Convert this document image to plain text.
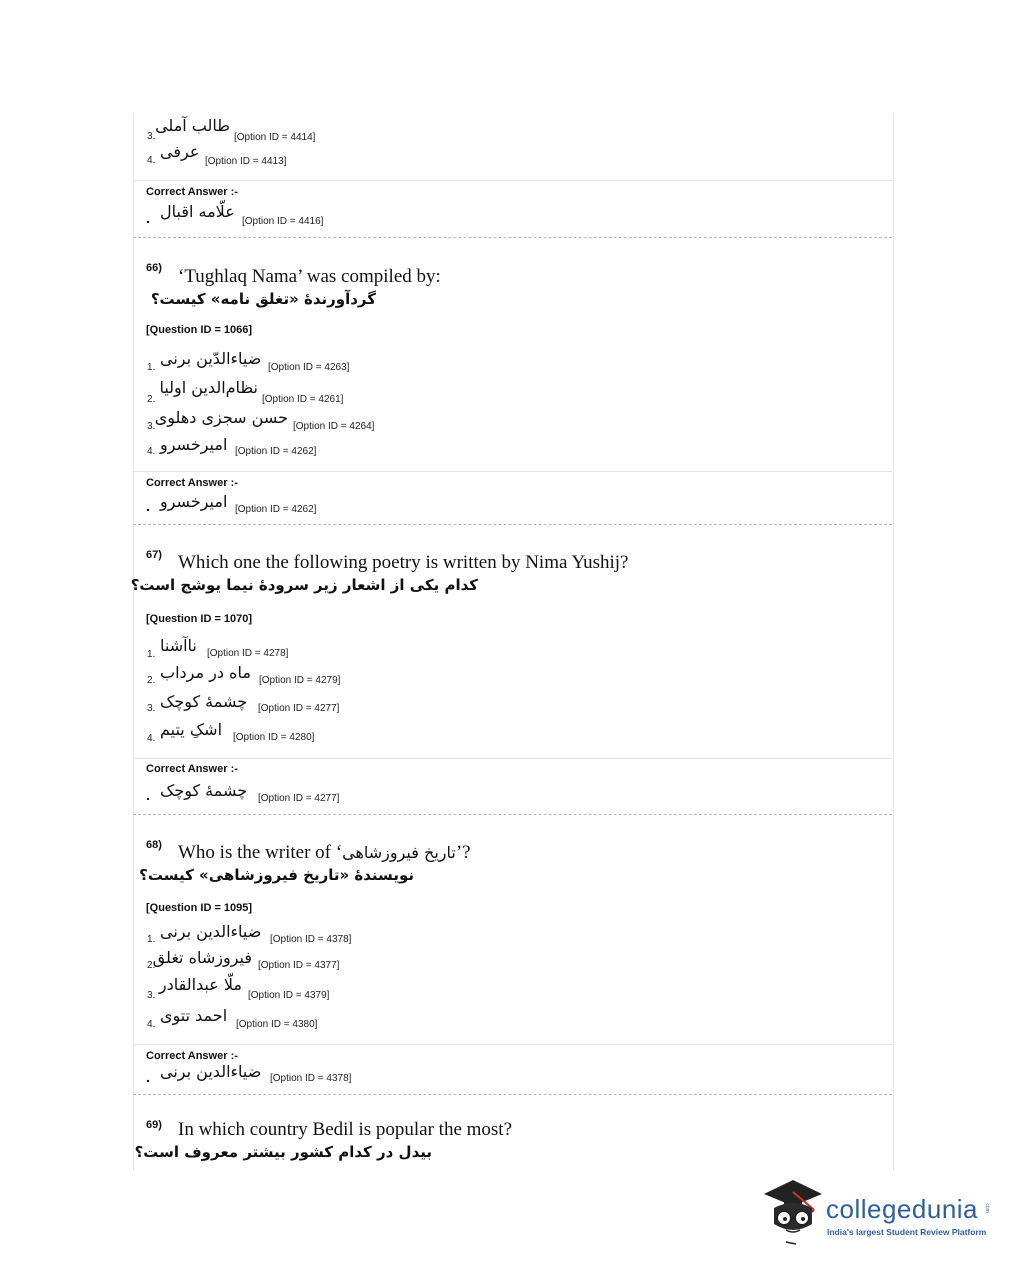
3.
طالب آملی
[Option ID = 4414]
4. عرفی
[Option ID = 4413]
Correct Answer :-
. علّامه اقبال
[Option ID = 4416]
66) ‘Tughlaq Nama’ was compiled by:
گردآورندهٔ «تغلق نامه» کیست؟
[Question ID = 1066]
1. ضیاءالدّین برنی [Option ID = 4263]
2.
نظام‌الدین اولیا
[Option ID = 4261]
3. حسن سجزی دهلوی [Option ID = 4264]
4. امیرخسرو [Option ID = 4262]
Correct Answer :-
. امیرخسرو [Option ID = 4262]
67) Which one the following poetry is written by Nima Yushij?
کدام یکی از اشعار زیر سرودهٔ نیما یوشج است؟
[Question ID = 1070]
1. ناآشنا	[Option ID = 4278]
2. ماه در مرداب [Option ID = 4279]
3. چشمهٔ کوچک	[Option ID = 4277]
4. اشکِ یتیم	[Option ID = 4280]
Correct Answer :-
. چشمهٔ کوچک	[Option ID = 4277]
68) Who is the writer of ‘تاریخ فیروزشاهی’?
نویسندهٔ «تاریخ فیروزشاهی» کیست؟
[Question ID = 1095]
1. ضیاءالدین برنی [Option ID = 4378]
2.
فیروزشاه تغلق [Option ID = 4377]
3.
ملّا عبدالقادر
[Option ID = 4379]
4. احمد تتوی [Option ID = 4380]
Correct Answer :-
. ضیاءالدین برنی [Option ID = 4378]
69) In which country Bedil is popular the most?
بیدل در کدام کشور بیشتر معروف است؟
collegedunia .com
India's largest Student Review Platform
